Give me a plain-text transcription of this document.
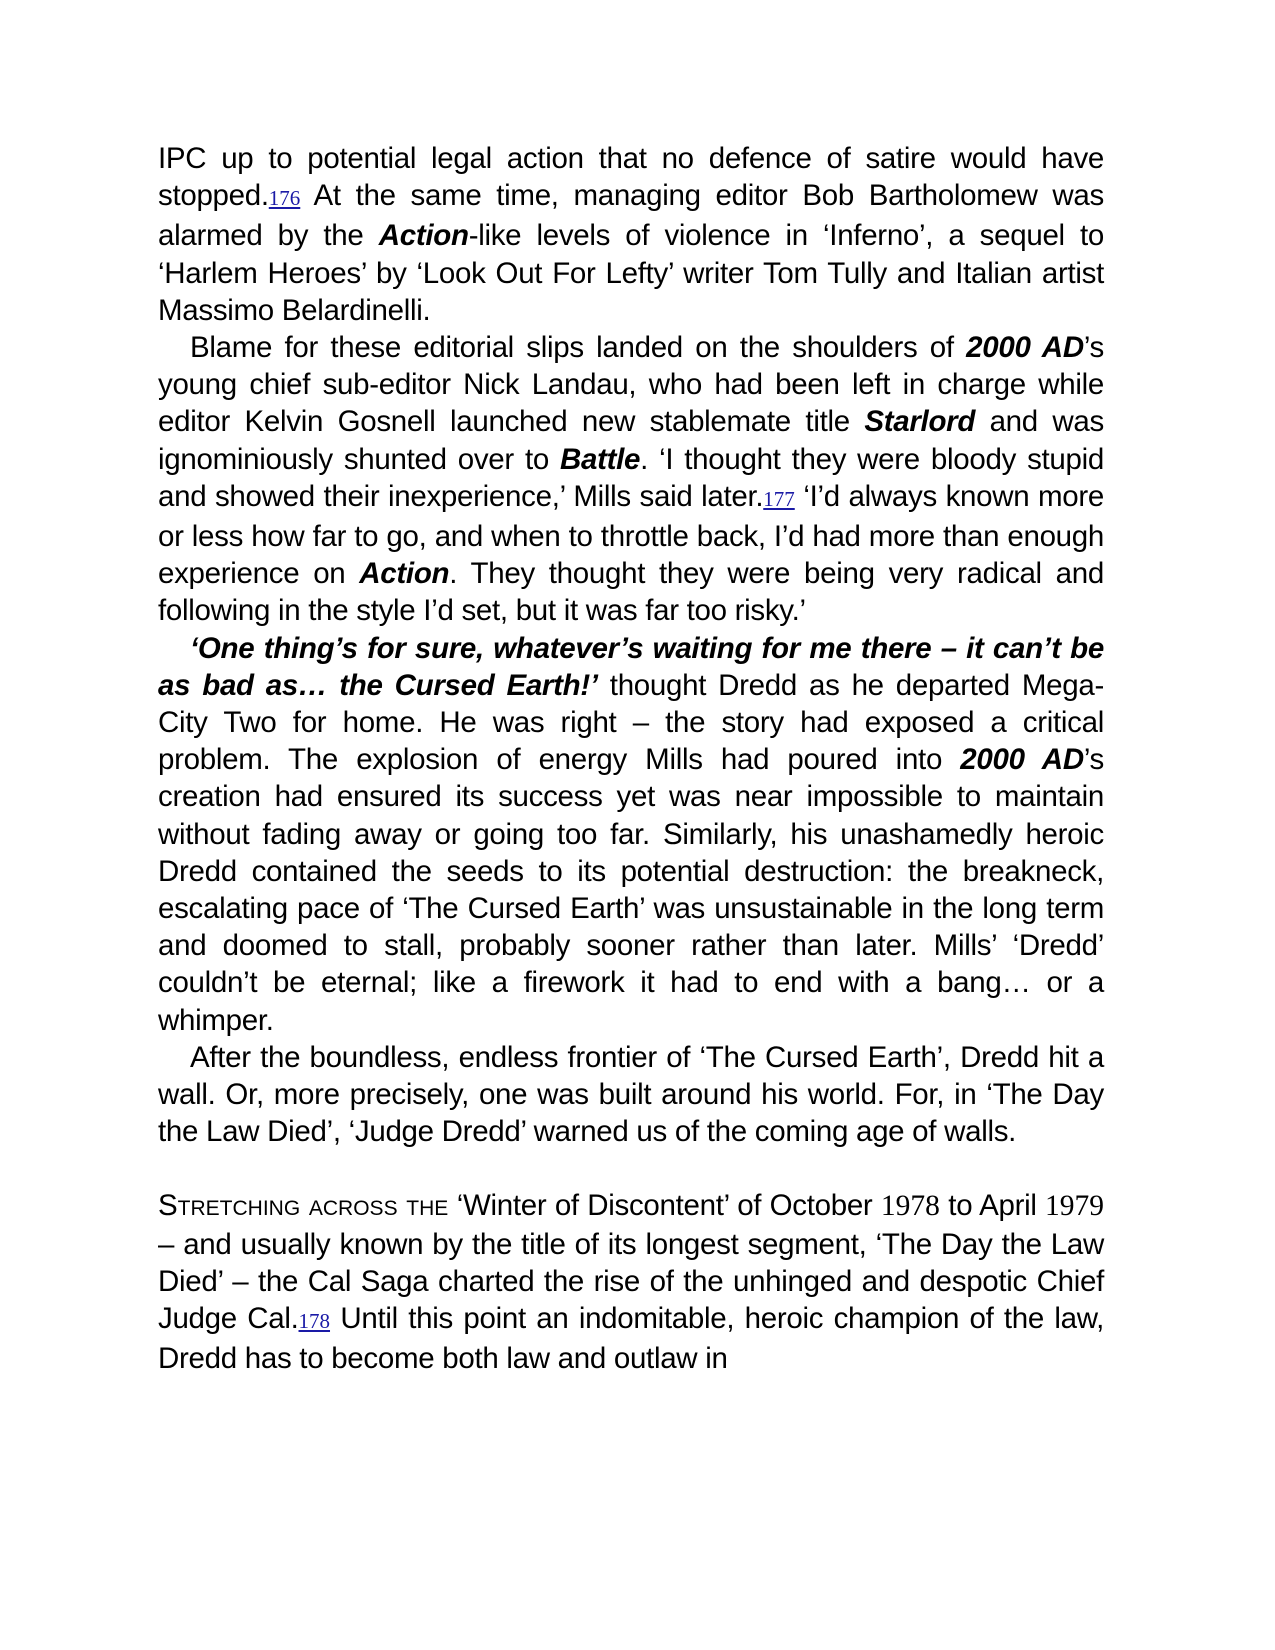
IPC up to potential legal action that no defence of satire would have stopped.176 At the same time, managing editor Bob Bartholomew was alarmed by the Action-like levels of violence in ‘Inferno’, a sequel to ‘Harlem Heroes’ by ‘Look Out For Lefty’ writer Tom Tully and Italian artist Massimo Belardinelli.

Blame for these editorial slips landed on the shoulders of 2000 AD’s young chief sub-editor Nick Landau, who had been left in charge while editor Kelvin Gosnell launched new stablemate title Starlord and was ignominiously shunted over to Battle. ‘I thought they were bloody stupid and showed their inexperience,’ Mills said later.177 ‘I’d always known more or less how far to go, and when to throttle back, I’d had more than enough experience on Action. They thought they were being very radical and following in the style I’d set, but it was far too risky.’

‘One thing’s for sure, whatever’s waiting for me there – it can’t be as bad as… the Cursed Earth!’ thought Dredd as he departed Mega-City Two for home. He was right – the story had exposed a critical problem. The explosion of energy Mills had poured into 2000 AD’s creation had ensured its success yet was near impossible to maintain without fading away or going too far. Similarly, his unashamedly heroic Dredd contained the seeds to its potential destruction: the breakneck, escalating pace of ‘The Cursed Earth’ was unsustainable in the long term and doomed to stall, probably sooner rather than later. Mills’ ‘Dredd’ couldn’t be eternal; like a firework it had to end with a bang… or a whimper.

After the boundless, endless frontier of ‘The Cursed Earth’, Dredd hit a wall. Or, more precisely, one was built around his world. For, in ‘The Day the Law Died’, ‘Judge Dredd’ warned us of the coming age of walls.

Stretching across the ‘Winter of Discontent’ of October 1978 to April 1979 – and usually known by the title of its longest segment, ‘The Day the Law Died’ – the Cal Saga charted the rise of the unhinged and despotic Chief Judge Cal.178 Until this point an indomitable, heroic champion of the law, Dredd has to become both law and outlaw in
